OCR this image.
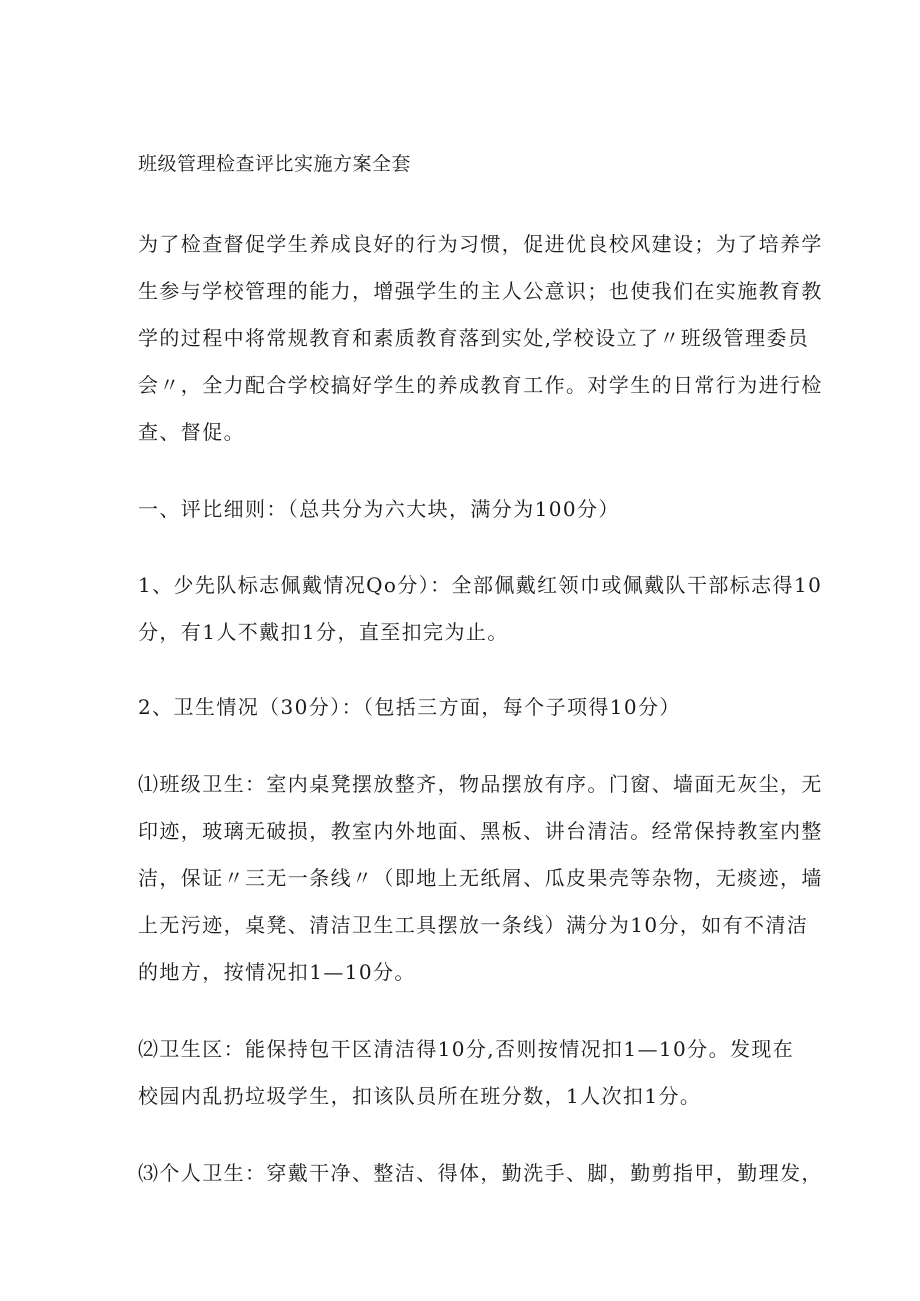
班级管理检查评比实施方案全套

为了检查督促学生养成良好的行为习惯，促进优良校风建设；为了培养学
生参与学校管理的能力，增强学生的主人公意识；也使我们在实施教育教
学的过程中将常规教育和素质教育落到实处,学校设立了〃班级管理委员
会〃，全力配合学校搞好学生的养成教育工作。对学生的日常行为进行检
查、督促。

一、评比细则：（总共分为六大块，满分为100分）

1、少先队标志佩戴情况Qo分）：全部佩戴红领巾或佩戴队干部标志得10
分，有1人不戴扣1分，直至扣完为止。

2、卫生情况（30分）：（包括三方面，每个子项得10分）

⑴班级卫生：室内桌凳摆放整齐，物品摆放有序。门窗、墙面无灰尘，无
印迹，玻璃无破损，教室内外地面、黑板、讲台清洁。经常保持教室内整
洁，保证〃三无一条线〃（即地上无纸屑、瓜皮果壳等杂物，无痰迹，墙
上无污迹，桌凳、清洁卫生工具摆放一条线）满分为10分，如有不清洁
的地方，按情况扣1—10分。

⑵卫生区：能保持包干区清洁得10分,否则按情况扣1—10分。发现在
校园内乱扔垃圾学生，扣该队员所在班分数，1人次扣1分。

⑶个人卫生：穿戴干净、整洁、得体，勤洗手、脚，勤剪指甲，勤理发，
